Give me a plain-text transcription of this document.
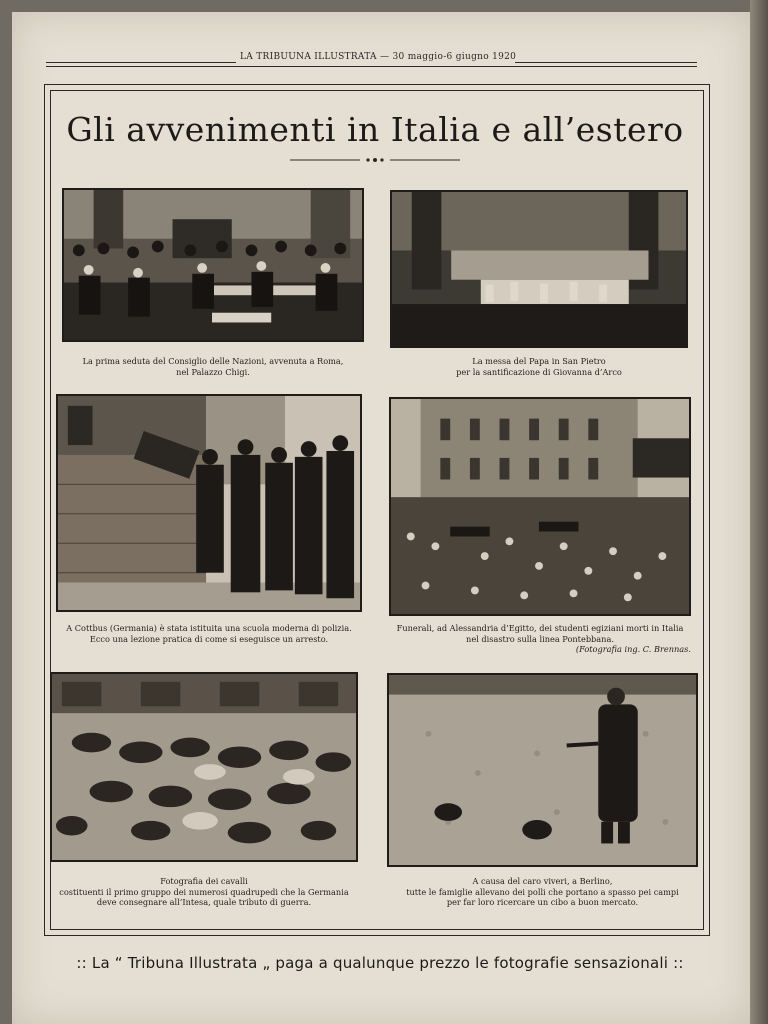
LA TRIBUUNA ILLUSTRATA — 30 maggio-6 giugno 1920
Gli avvenimenti in Italia e all’estero
La prima seduta del Consiglio delle Nazioni, avvenuta a Roma,
nel Palazzo Chigi.
La messa del Papa in San Pietro
per la santificazione di Giovanna d’Arco
A Cottbus (Germania) è stata istituita una scuola moderna di polizia.
Ecco una lezione pratica di come si eseguisce un arresto.
Funerali, ad Alessandria d’Egitto, dei studenti egiziani morti in Italia
nel disastro sulla linea Pontebbana.
(Fotografia ing. C. Brennas.
Fotografia dei cavalli
costituenti il primo gruppo dei numerosi quadrupedi che la Germania
deve consegnare all’Intesa, quale tributo di guerra.
A causa del caro viveri, a Berlino,
tutte le famiglie allevano dei polli che portano a spasso pei campi
per far loro ricercare un cibo a buon mercato.
:: La “ Tribuna Illustrata „ paga a qualunque prezzo le fotografie sensazionali ::
